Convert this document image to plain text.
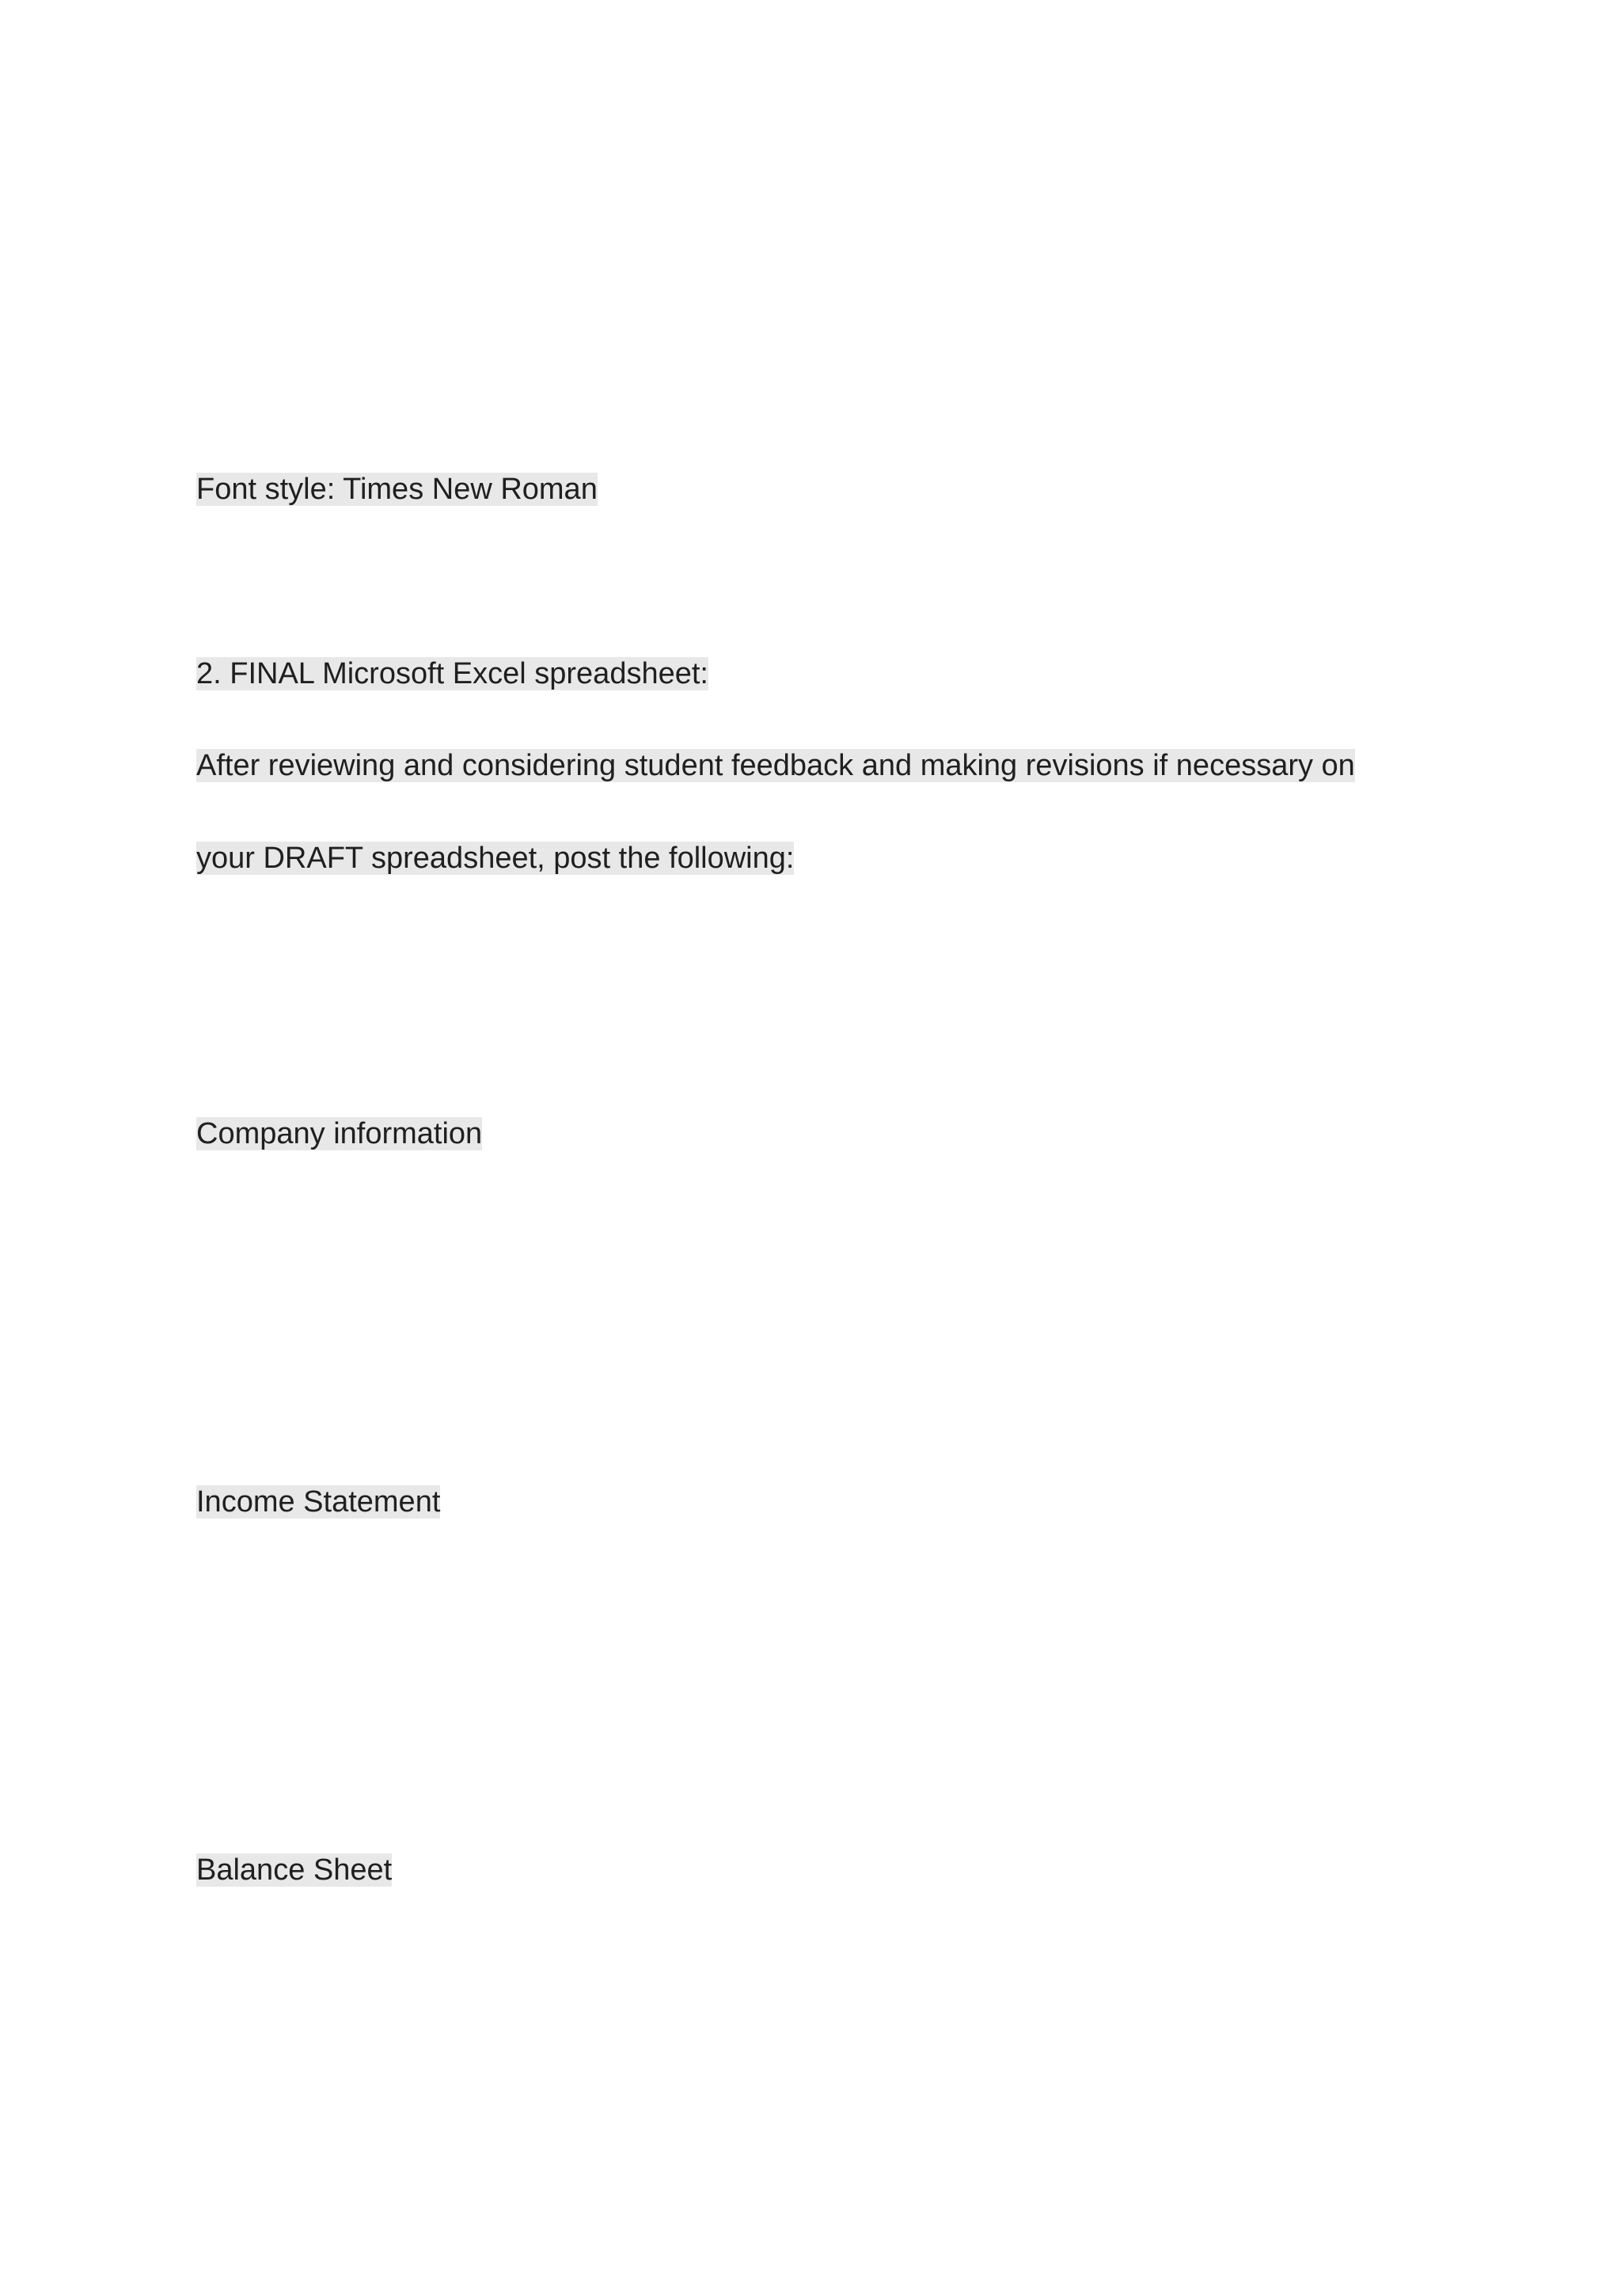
Font style: Times New Roman

2. FINAL Microsoft Excel spreadsheet:

After reviewing and considering student feedback and making revisions if necessary on

your DRAFT spreadsheet, post the following:

Company information

Income Statement

Balance Sheet
